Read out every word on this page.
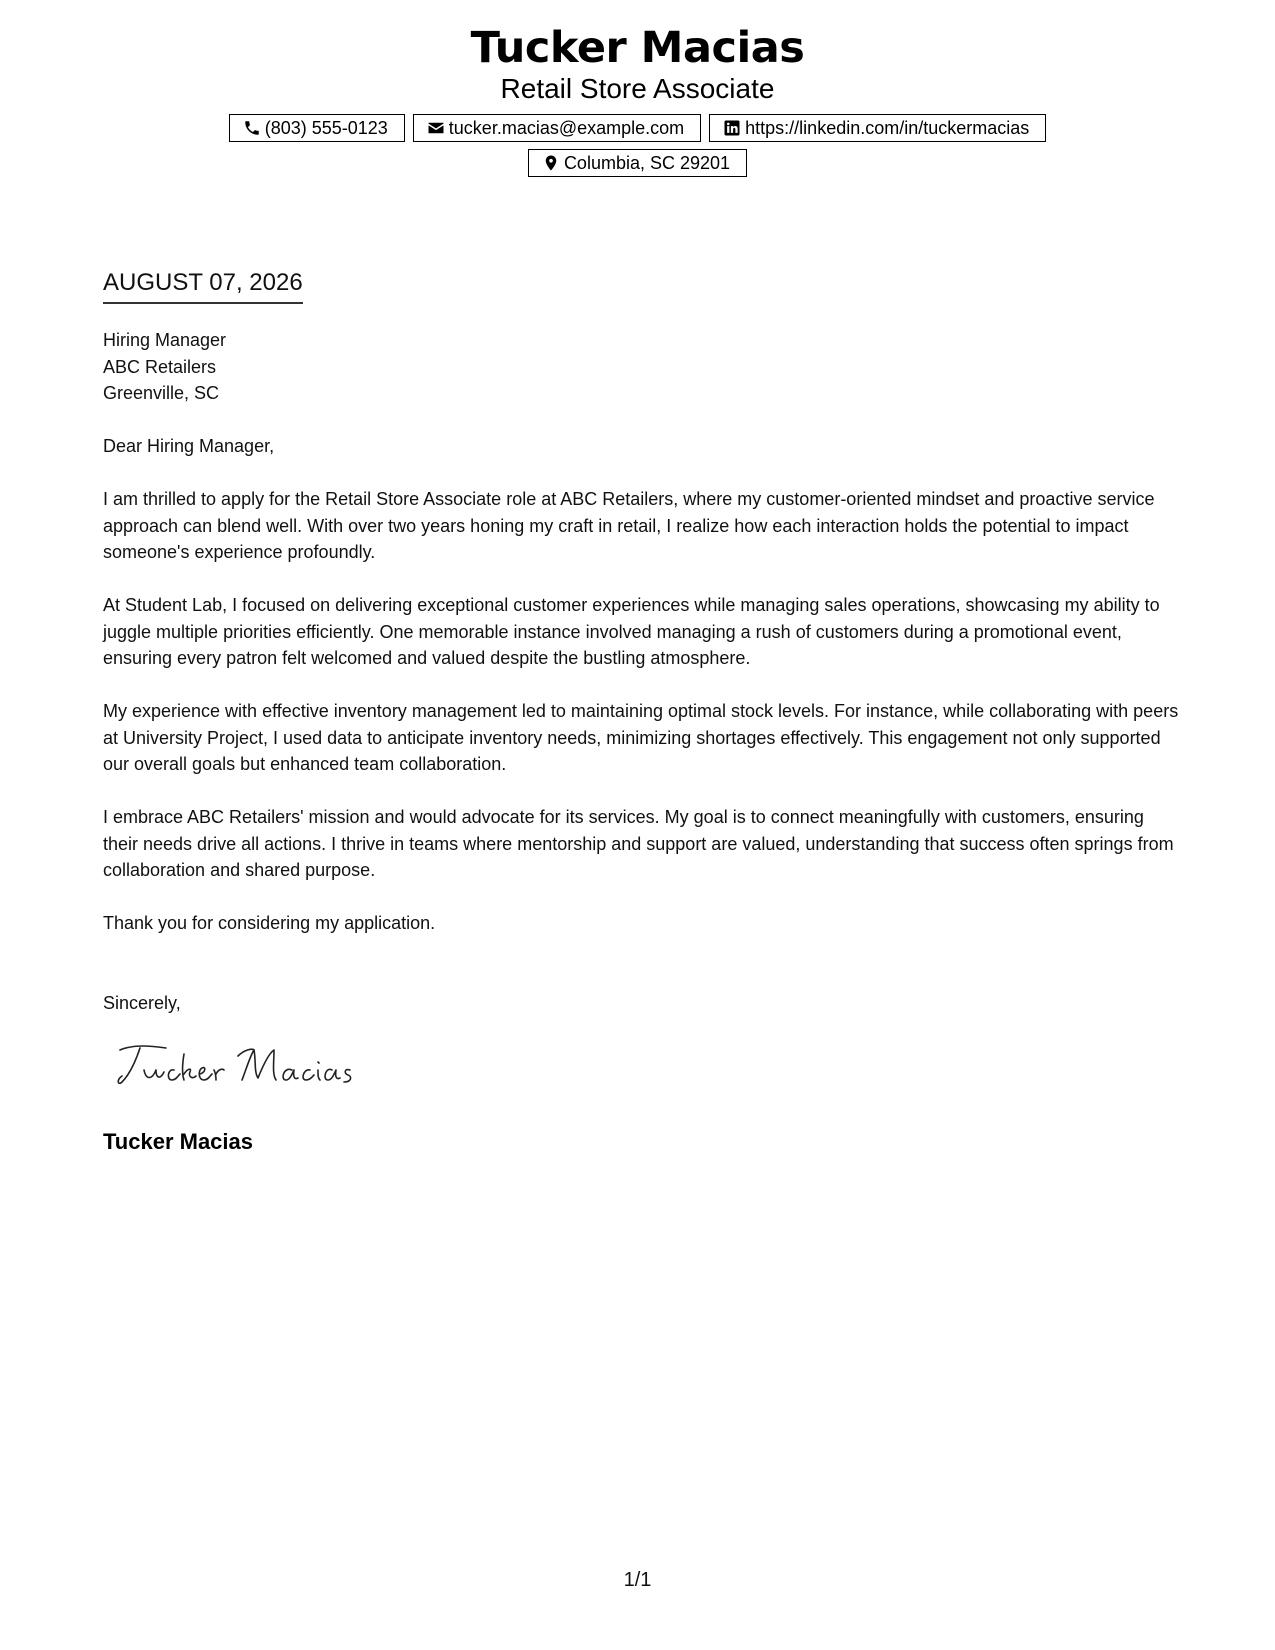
Tucker Macias
Retail Store Associate
(803) 555-0123	tucker.macias@example.com	https://linkedin.com/in/tuckermacias
Columbia, SC 29201
AUGUST 07, 2026
Hiring Manager
ABC Retailers
Greenville, SC
Dear Hiring Manager,
I am thrilled to apply for the Retail Store Associate role at ABC Retailers, where my customer-oriented mindset and proactive service approach can blend well. With over two years honing my craft in retail, I realize how each interaction holds the potential to impact someone's experience profoundly.
At Student Lab, I focused on delivering exceptional customer experiences while managing sales operations, showcasing my ability to juggle multiple priorities efficiently. One memorable instance involved managing a rush of customers during a promotional event, ensuring every patron felt welcomed and valued despite the bustling atmosphere.
My experience with effective inventory management led to maintaining optimal stock levels. For instance, while collaborating with peers at University Project, I used data to anticipate inventory needs, minimizing shortages effectively. This engagement not only supported our overall goals but enhanced team collaboration.
I embrace ABC Retailers' mission and would advocate for its services. My goal is to connect meaningfully with customers, ensuring their needs drive all actions. I thrive in teams where mentorship and support are valued, understanding that success often springs from collaboration and shared purpose.
Thank you for considering my application.
Sincerely,
Tucker Macias
1/1
